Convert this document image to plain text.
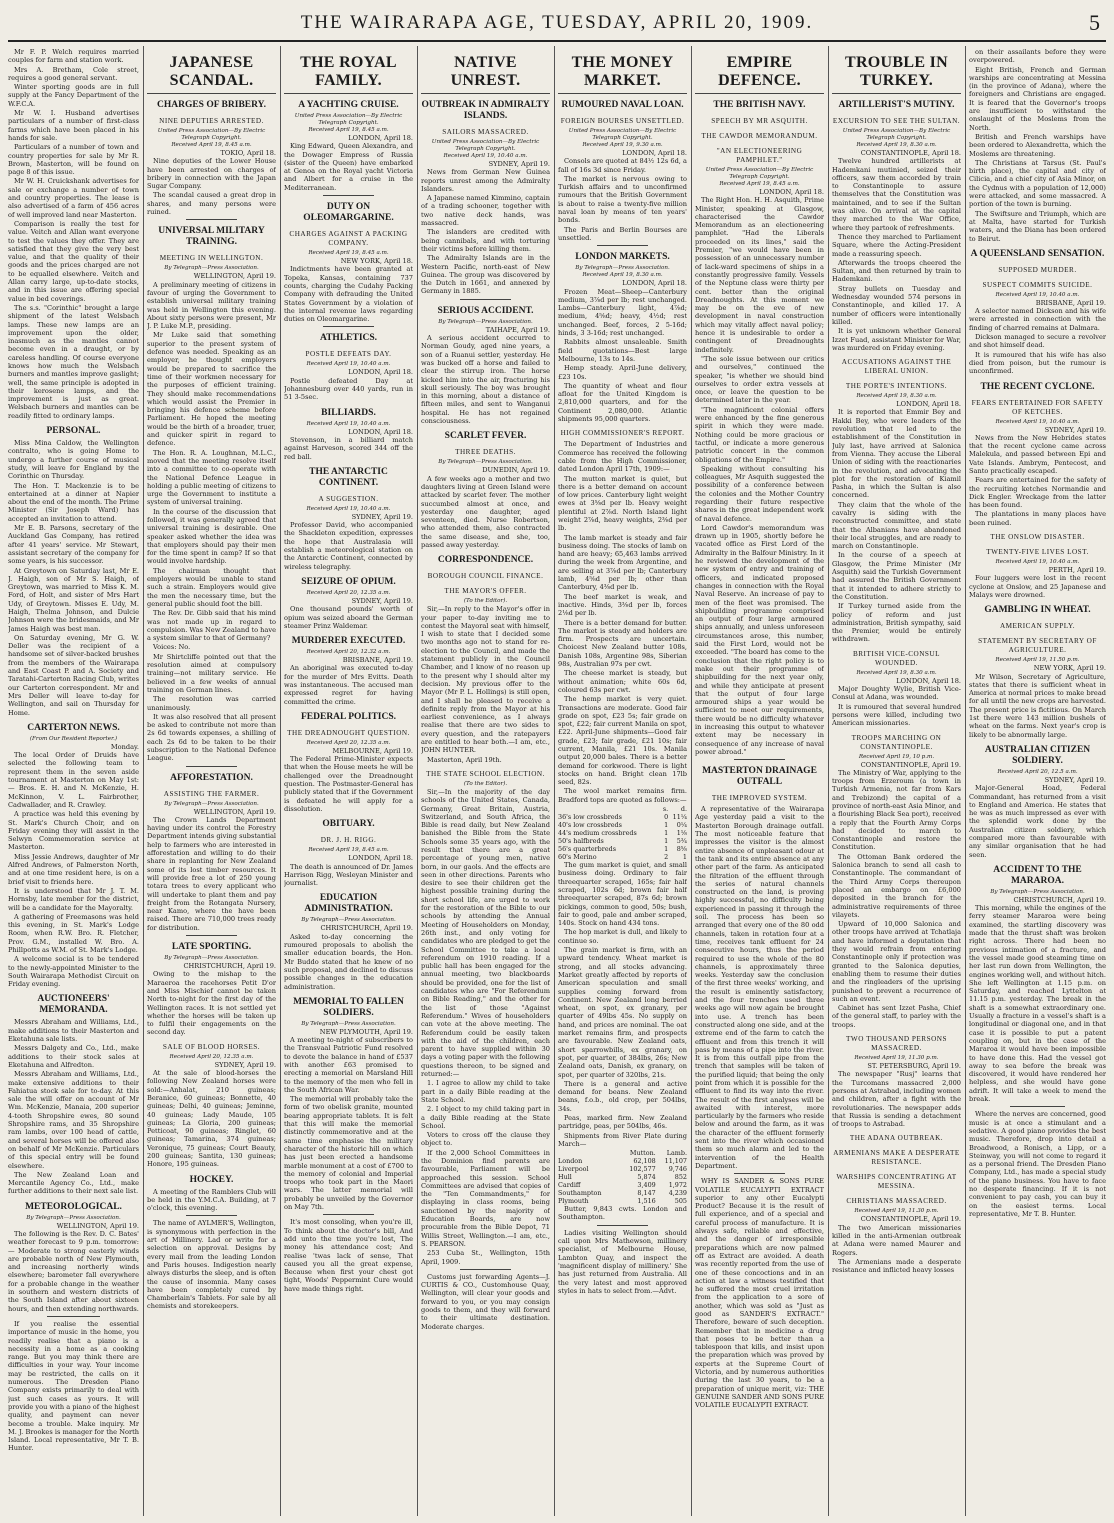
THE WAIRARAPA AGE, TUESDAY, APRIL 20, 1909.	5

Mr F. P. Welch requires married couples for farm and station work.

Mrs A. Bretham, Cole street, requires a good general servant.

Winter sporting goods are in full supply at the Fancy Department of the W.F.C.A.

Mr W. I. Husband advertises particulars of a number of first-class farms which have been placed in his hands for sale.

Particulars of a number of town and country properties for sale by Mr R. Brown, Masterton, will be found on page 8 of this issue.

Mr W. H. Cruickshank advertises for sale or exchange a number of town and country properties. The lease is also advertised of a farm of 456 acres of well improved land near Masterton.

Comparison is really the test for value. Veitch and Allan want everyone to test the values they offer. They are satisfied that they give the very best value, and that the quality of their goods and the prices charged are not to be equalled elsewhere. Veitch and Allan carry large, up-to-date stocks, and in this issue are offering special value in bed coverings.

The s.s. "Corinthic" brought a large shipment of the latest Welsbach lamps. These new lamps are an improvement upon the older, inasmuch as the mantles cannot become even in a draught, or by careless handling. Of course everyone knows how much the Welsbach burners and mantles improve gaslight; well, the same principle is adopted in their kerosene lamps, and the improvement is just as great. Welsbach burners and mantles can be readily fitted to ordinary lamps.

PERSONAL.

Miss Mina Caldow, the Wellington contralto, who is going Home to undergo a further course of musical study, will leave for England by the Corinthic on Thursday.

The Hon. T. Mackenzie is to be entertained at a dinner at Napier about the end of the month. The Prime Minister (Sir Joseph Ward) has accepted an invitation to attend.

Mr E. B. Parsons, secretary of the Auckland Gas Company, has retired after 41 years' service. Mr Stewart, assistant secretary of the company for some years, is his successor.

At Greytown on Saturday last, Mr E. J. Haigh, son of Mr S. Haigh, of Greytown, was married to Miss K. M. Ford, of Holt, and sister of Mrs Hart Udy, of Greytown. Misses E. Udy, M. Haigh, Thelma Johnson, and Dulcie Johnson were the bridesmaids, and Mr James Haigh was best man.

On Saturday evening, Mr G. W. Deller was the recipient of a handsome set of silver-backed brushes from the members of the Wairarapa and East Coast P. and A. Society and Taratahi-Carterton Racing Club, writes our Carterton correspondent. Mr and Mrs Deller will leave to-day for Wellington, and sail on Thursday for Home.

CARTERTON NEWS.
(From Our Resident Reporter.)
Monday.

The local Order of Druids have selected the following team to represent them in the seven aside tournament at Masterton on May 1st:— Bros. E. H. and N. McKenzie, H. McKinnon, V. L. Fairbrother, Cadwallader, and R. Crawley.

A practice was held this evening by St. Mark's Church Choir, and on Friday evening they will assist in the Selwyn Commemoration service at Masterton.

Miss Jessie Andrews, daughter of Mr Alfred Andrews, of Palmerston North, and at one time resident here, is on a brief visit to friends here.

It is understood that Mr J. T. M. Hornsby, late member for the district, will be a candidate for the Mayoralty.

A gathering of Freemasons was held this evening, in St. Mark's Lodge Room, when R.W. Bro. R. Fletcher, Prov. G.M., installed W. Bro. A. Phillpotts as W.M. of St. Mark's Lodge.

A welcome social is to be tendered to the newly-appointed Minister to the South Wairarapa Methodist Circuit on Friday evening.

AUCTIONEERS' MEMORANDA.

Messrs Abraham and Williams, Ltd., make additions to their Masterton and Eketahuna sale lists.

Messrs Dalgety and Co., Ltd., make additions to their stock sales at Eketahuna and Alfredton.

Messrs Abraham and Williams, Ltd., make extensive additions to their Fahiatua stock sale for to-day. At this sale the will offer on account of Mr Wm. McKenzie, Manaia, 200 superior 4-tooth Shropshire ewes, 80 sound Shropshire rams, and 35 Shropshire ram lambs, over 100 head of cattle, and several horses will be offered also on behalf of Mr McKenzie. Particulars of this special entry will be found elsewhere.

The New Zealand Loan and Mercantile Agency Co., Ltd., make further additions to their next sale list.

METEOROLOGICAL.
By Telegraph—Press Association.
WELLINGTON, April 19.

The following is the Rev. D. C. Bates' weather forecast to 9 p.m. tomorrow:— Moderate to strong easterly winds are probable north of New Plymouth, and increasing northerly winds elsewhere; barometer fall everywhere for a probable change in the weather in southern and western districts of the South Island after about sixteen hours, and then extending northwards.

If you realise the essential importance of music in the home, you readily realise that a piano is a necessity in a home as a cooking range. But you may think there are difficulties in your way. Your income may be restricted, the calls on it numerous. The Dresden Piano Company exists primarily to deal with just such cases as yours. It will provide you with a piano of the highest quality, and payment can never become a trouble. Make inquiry. Mr M. J. Brookes is manager for the North Island. Local representative, Mr T. B. Hunter.

JAPANESE SCANDAL.
CHARGES OF BRIBERY.
NINE DEPUTIES ARRESTED.
United Press Association—By Electric Telegraph Copyright.
Received April 19, 8.45 a.m.
TOKIO, April 18.

Nine deputies of the Lower House have been arrested on charges of bribery in connection with the Japan Sugar Company.

The scandal caused a great drop in shares, and many persons were ruined.

UNIVERSAL MILITARY TRAINING.
MEETING IN WELLINGTON.
By Telegraph—Press Association.
WELLINGTON, April 19.

A preliminary meeting of citizens in favour of urging the Government to establish universal military training was held in Wellington this evening. About sixty persons were present, Mr J. P. Luke M.P., presiding.

Mr Luke said that something superior to the present system of defence was needed. Speaking as an employer, he thought employers would be prepared to sacrifice the time of their workmen necessary for the purposes of efficient training. They should make recommendations which would assist the Premier in bringing his defence scheme before Parliament. He hoped the meeting would be the birth of a broader, truer, and quicker spirit in regard to defence.

The Hon. R. A. Loughnan, M.L.C., moved that the meeting resolve itself into a committee to co-operate with the National Defence League in holding a public meeting of citizens to urge the Government to institute a system of universal training.

In the course of the discussion that followed, it was generally agreed that universal training is desirable. One speaker asked whether the idea was that employers should pay their men for the time spent in camp? If so that would involve hardship.

The chairman thought that employers would be unable to stand such a strain. Employers would give the men the necessary time, but the general public should foot the bill.

The Rev. Dr. Gibb said that his mind was not made up in regard to compulsion. Was New Zealand to have a system similar to that of Germany?

Voices: No.

Mr Shirtcliffe pointed out that the resolution aimed at compulsory training—not military service. He believed in a few weeks of annual training on German lines.

The resolution was carried unanimously.

It was also resolved that all present be asked to contribute not more than 2s 6d towards expenses, a shilling of each 2s 6d to be taken to be their subscription to the National Defence League.

AFFORESTATION.
ASSISTING THE FARMER.
By Telegraph—Press Association.
WELLINGTON, April 19.

The Crown Lands Department having under its control the Forestry Department intends giving substantial help to farmers who are interested in afforestation and willing to do their share in replanting for New Zealand some of its lost timber resources. It will provide free a lot of 250 young totara trees to every applicant who will undertake to plant them and pay freight from the Rotangata Nursery, near Kamo, where the have been raised. There are 710,000 trees ready for distribution.

LATE SPORTING.
By Telegraph—Press Association.
CHRISTCHURCH, April 19.

Owing to the mishap to the Maraeroa the racehorses Petit D'or and Miss Mischief cannot be taken North to-night for the first day of the Wellington races. It is not settled yet whether the horses will be taken up to fulfil their engagements on the second day.

SALE OF BLOOD HORSES.
Received April 20, 12.35 a.m.
SYDNEY, April 19.

At the sale of blood-horses the following New Zealand horses were sold:—Anhalat, 210 guineas; Beranice, 60 guineas; Bonnette, 40 guineas; Delhi, 40 guineas; Jeminne, 40 guineas; Lady Maude, 105 guineas; La Gloria, 200 guineas; Petticoat, 90 guineas; Ringlet, 60 guineas; Tamarina, 374 guineas; Veronique, 75 guineas; Court Beauty, 200 guineas; Santita, 130 guineas; Honore, 195 guineas.

HOCKEY.

A meeting of the Ramblers Club will be held in the Y.M.C.A. Building, at 7 o'clock, this evening.

The name of AYLMER'S, Wellington, is synonymous with perfection in the art of Millinery. Lad or write for a selection on approval. Designs by every mail from the leading London and Paris houses. Indigestion nearly always disturbs the sleep, and is often the cause of insomnia. Many cases have been completely cured by Chamberlain's Tablets. For sale by all chemists and storekeepers.

THE ROYAL FAMILY.
A YACHTING CRUISE.
United Press Association—By Electric Telegraph Copyright.
Received April 19, 8.45 a.m.
LONDON, April 18.

King Edward, Queen Alexandra, and the Dowager Empress of Russia (sister of the Queen) have embarked at Genoa on the Royal yacht Victoria and Albert for a cruise in the Mediterranean.

DUTY ON OLEOMARGARINE.
CHARGES AGAINST A PACKING COMPANY.
Received April 19, 8.45 a.m.
NEW YORK, April 18.

Indictments have been granted at Topeka, Kansas, containing 737 counts, charging the Cudahy Packing Company with defrauding the United States Government by a violation of the internal revenue laws regarding duties on Oleomargarine.

ATHLETICS.
POSTLE DEFEATS DAY.
Received April 19, 10.40 a.m.
LONDON, April 18.

Postle defeated Day at Johannesburg over 440 yards, run in 51 3-5sec.

BILLIARDS.
Received April 19, 10.40 a.m.
LONDON, April 18.

Stevenson, in a billiard match against Harveson, scored 344 off the red ball.

THE ANTARCTIC CONTINENT.
A SUGGESTION.
Received April 19, 10.40 a.m.
SYDNEY, April 19.

Professor David, who accompanied the Shackleton expedition, expresses the hope that Australasia will establish a meteorological station on the Antarctic Continent, connected by wireless telegraphy.

SEIZURE OF OPIUM.
Received April 20, 12.35 a.m.
SYDNEY, April 19.

One thousand pounds' worth of opium was seized aboard the German steamer Prinz Waldemar.

MURDERER EXECUTED.
Received April 20, 12.32 a.m.
BRISBANE, April 19.

An aboriginal was executed to-day for the murder of Mrs Evitts. Death was instantaneous. The accused man expressed regret for having committed the crime.

FEDERAL POLITICS.
THE DREADNOUGHT QUESTION.
Received April 20, 12.35 a.m.
MELBOURNE, April 19.

The Federal Prime-Minister expects that when the House meets he will be challenged over the Dreadnought question. The Postmaster-General has publicly stated that if the Government is defeated he will apply for a dissolution.

OBITUARY.
DR. J. H. RIGG.
Received April 19, 8.45 a.m.
LONDON, April 18.

The death is announced of Dr. James Harrison Rigg, Wesleyan Minister and journalist.

EDUCATION ADMINISTRATION.
By Telegraph—Press Association.
CHRISTCHURCH, April 19.

Asked to-day concerning the rumoured proposals to abolish the smaller education boards, the Hon. Mr Buddo stated that he knew of no such proposal, and declined to discuss possible changes in the education administration.

MEMORIAL TO FALLEN SOLDIERS.
By Telegraph—Press Association.
NEW PLYMOUTH, April 19.

A meeting to-night of subscribers to the Transvaal Patriotic Fund resolved to devote the balance in hand of £537 with another £63 promised to erecting a memorial on Marsland Hill to the memory of the men who fell in the South African War.

The memorial will probably take the form of two obelisk granite, mounted bearing appropriate tablets. It is felt that this will make the memorial distinctly commemorative and at the same time emphasise the military character of the historic hill on which has just been erected a handsome marble monument at a cost of £700 to the memory of colonial and Imperial troops who took part in the Maori wars. The latter memorial will probably be unveiled by the Governor on May 7th.

It's most consoling, when you're ill, To think about the doctor's bill, And add unto the time you're lost, The money his attendance cost; And realise 'twas lack of sense, That caused you all the great expense, Because when first your chest got tight, Woods' Peppermint Cure would have made things right.

NATIVE UNREST.
OUTBREAK IN ADMIRALTY ISLANDS.
SAILORS MASSACRED.
United Press Association—By Electric Telegraph Copyright.
Received April 19, 10.40 a.m.
SYDNEY, April 19.

News from German New Guinea reports unrest among the Admiralty Islanders.

A Japanese named Kimmino, captain of a trading schooner, together with two native deck hands, was massacred.

The islanders are credited with being cannibals, and with torturing their victims before killing them.

The Admiralty Islands are in the Western Pacific, north-east of New Guinea. The group was discovered by the Dutch in 1661, and annexed by Germany in 1885.

SERIOUS ACCIDENT.
By Telegraph—Press Association.
TAIHAPE, April 19.

A serious accident occurred to Norman Goudy, aged nine years, a son of a Ruanui settler, yesterday. He was bucked off a horse and failed to clear the stirrup iron. The horse kicked him into the air, fracturing his skull seriously. The boy was brought in this morning, about a distance of fifteen miles, and sent to Wanganui hospital. He has not regained consciousness.

SCARLET FEVER.
THREE DEATHS.
By Telegraph—Press Association.
DUNEDIN, April 19.

A few weeks ago a mother and two daughters living at Green Island were attacked by scarlet fever. The mother succumbed almost at once, and yesterday one daughter, aged seventeen, died. Nurse Robertson, who attended them, also contracted the same disease, and she, too, passed away yesterday.

CORRESPONDENCE.
BOROUGH COUNCIL FINANCE.
THE MAYOR'S OFFER.
(To the Editor).

Sir,—In reply to the Mayor's offer in your paper to-day inviting me to contest the Mayoral seat with himself, I wish to state that I decided some two months ago not to stand for re-election to the Council, and made the statement publicly in the Council Chamber, and I know of no reason up to the present why I should alter my decision. My previous offer to the Mayor (Mr P. L. Hollings) is still open, and I shall be pleased to receive a definite reply from the Mayor at his earliest convenience, as I always realise that there are two sides to every question, and the ratepayers are entitled to hear both.—I am, etc., JOHN HUNTER.

Masterton, April 19th.

THE STATE SCHOOL ELECTION.
(To the Editor).

Sir,—In the majority of the day schools of the United States, Canada, Germany, Great Britain, Austria, Switzerland, and South Africa, the Bible is read daily, but New Zealand banished the Bible from the State Schools some 35 years ago, with the result that there are a great percentage of young men, native born, in our gaols. And the effects are seen in other directions. Parents who desire to see their children get the highest possible training during the short school life, are urged to work for the restoration of the Bible to our schools by attending the Annual Meeting of Householders on Monday, 26th inst., and only voting for candidates who are pledged to get the School Committee to take a local referendum on 1910 reading. If a public hall has been engaged for the annual meeting, two blackboards should be provided, one for the list of candidates who are "For Referendum on Bible Reading," and the other for the list of those "Against Referendum." Wives of householders can vote at the above meeting. The Referendum could be easily taken with the aid of the children, each parent to have supplied within 30 days a voting paper with the following questions thereon, to be signed and returned:—

1. I agree to allow my child to take part in a daily Bible reading at the State School.

2. I object to my child taking part in a daily Bible reading at the State School.

Voters to cross off the clause they object to.

If the 2,000 School Committees in the Dominion find parents are favourable, Parliament will be approached this session. School Committees are advised that copies of the "Ten Commandments," for displaying in class rooms, being sanctioned by the majority of Education Boards, are now procurable from the Bible Depot, 71 Willis Street, Wellington.—I am, etc., S. PEARSON.

253 Cuba St., Wellington, 15th April, 1909.

Customs just forwarding Agents—J. CURTIS & CO., Customhouse Quay, Wellington, will clear your goods and forward to you, or you may consign goods to them, and they will forward to their ultimate destination. Moderate charges.

THE MONEY MARKET.
RUMOURED NAVAL LOAN.
FOREIGN BOURSES UNSETTLED.
United Press Association—By Electric Telegraph Copyright.
Received April 19, 9.30 a.m.
LONDON, April 18.

Consols are quoted at 84½ 12s 6d, a fall of 16s 3d since Friday.

The market is nervous owing to Turkish affairs and to unconfirmed rumours that the British Government is about to raise a twenty-five million naval loan by means of ten years' bonds.

The Paris and Berlin Bourses are unsettled.

LONDON MARKETS.
By Telegraph—Press Association.
Received April 19, 8.30 a.m.
LONDON, April 18.

Frozen Meat—Sheep—Canterbury medium, 3⅞d per lb; rest unchanged. Lambs—Canterbury light, 4⅞d; medium, 4⅝d; heavy, 4½d; rest unchanged. Beef, forces, 2 5-16d; hinds, 3 3-16d; rest unchanged.

Rabbits almost unsaleable. Smith field quotations—Best large Melbourne, 13s to 14s.

Hemp steady. April-June delivery, £23 10s.

The quantity of wheat and flour afloat for the United Kingdom is 2,810,000 quarters, and for the Continent 2,080,000. Atlantic shipments 95,000 quarters.

HIGH COMMISSIONER'S REPORT.

The Department of Industries and Commerce has received the following cable from the High Commissioner, dated London April 17th, 1909:—

The mutton market is quiet, but there is a better demand on account of low prices. Canterbury light weight ewes at 3⅝d per lb. Heavy weight plentiful at 2⅞d. North Island light weight 2⅞d, heavy weights, 2⅜d per lb.

The lamb market is steady and fair business doing. The stocks of lamb on hand are heavy; 65,463 lambs arrived during the week from Argentine, and are selling at 3⅞d per lb; Canterbury lamb, 4⅝d per lb; other than Canterbury, 4⅜d per lb.

The beef market is weak, and inactive. Hinds, 3⅜d per lb, forces 2⅛d per lb.

There is a better demand for butter. The market is steady and holders are firm. Prospects are uncertain. Choicest New Zealand butter 108s, Danish 108s, Argentine 98s, Siberian 98s, Australian 97s per cwt.

The cheese market is steady, but without animation; white 60s 6d, coloured 63s per cwt.

The hemp market is very quiet. Transactions are moderate. Good fair grade on spot, £23 5s; fair grade on spot, £22; fair current Manila on spot, £22. April-June shipments—Good fair grade, £23; fair grade, £21 10s; fair current, Manila, £21 10s. Manila output 20,000 bales. There is a better demand for corkwood. There is light stocks on hand. Bright clean 17lb seed, 82s.

The wool market remains firm. Bradford tops are quoted as follows:—

	s.	d.
36's low crossbreds	0	11¼
40's low crossbreds	1	0¼
44's medium crossbreds	1	1⅛
50's halfbreds	1	5¾
56's quarterbreds	1	8⅝
60's Merino	2	1

The gum market is quiet, and small business doing. Ordinary to fair threequarter scraped, 165s; fair half scraped, 102s 6d; brown fair half threequarter scraped, 87s 6d; brown pickings, common to good, 50s; bush, fair to good, pale and amber scraped, 140s. Stock on hand 434 tons.

The hop market is dull, and likely to continue so.

The grain market is firm, with an upward tendency. Wheat market is strong, and all stocks advancing. Market greatly affected by reports of American speculation and small supplies coming forward from Continent. New Zealand long berried wheat, on spot, ex granary, per quarter of 49lbs 45s. No supply on hand, and prices are nominal. The oat market remains firm, and prospects are favourable. New Zealand oats, short sparrowbills, ex granary, on spot, per quarter, of 384lbs, 26s; New Zealand oats, Danish, ex granary, on spot, per quarter of 320lbs, 21s.

There is a general and active demand for beans. New Zealand beans, f.o.b., old crop, per 504lbs, 34s.

Peas, marked firm. New Zealand partridge, peas, per 504lbs, 46s.

Shipments from River Plate during March—

	Mutton.	Lamb.
London	62,108	11,107
Liverpool	102,577	9,746
Hull	5,874	852
Cardiff	3,409	1,972
Southampton	8,147	4,239
Plymouth	1,516	505

Butter, 9,843 cwts. London and Southampton.

Ladies visiting Wellington should call upon Mrs Mathewson, millinery specialist, of Melbourne House, Lambton Quay, and inspect the 'magnificent display of millinery.' She has just returned from Australia. All the very latest and most approved styles in hats to select from.—Advt.

EMPIRE DEFENCE.
THE BRITISH NAVY.
SPEECH BY MR ASQUITH.
THE CAWDOR MEMORANDUM.
"AN ELECTIONEERING PAMPHLET."
United Press Association—By Electric Telegraph Copyright.
Received April 19, 8.45 a.m.
LONDON, April 18.

The Right Hon. H. H. Asquith, Prime Minister, speaking at Glasgow, characterised the Cawdor Memorandum as an electioneering pamphlet. "Had the Liberals proceeded on its lines," said the Premier, "we would have been in possession of an unnecessary number of lack-ward specimens of ships in a constantly progressive family. Vessels of the Neptune class were thirty per cent. better than the original Dreadnoughts. At this moment we may be on the eve of new development in naval construction which may vitally affect naval policy; hence it is undesirable to order a contingent of Dreadnoughts indefinitely.

"The sole issue between our critics and ourselves," continued the speaker, "is whether we should bind ourselves to order extra vessels at once, or leave the question to be determined later in the year.

"The magnificent colonial offers were enhanced by the fine generous spirit in which they were made. Nothing could be more gracious or tactful, or indicate a more generous patriotic concert in the common obligations of the Empire."

Speaking without consulting his colleagues, Mr Asquith suggested the possibility of a conference between the colonies and the Mother Country regarding their future respective shares in the great independent work of naval defence.

Lord Cawdor's memorandum was drawn up in 1905, shortly before he vacated office as First Lord of the Admiralty in the Balfour Ministry. In it he reviewed the development of the new system of entry and training of officers, and indicated proposed changes in connection with the Royal Naval Reserve. An increase of pay to men of the fleet was promised. The shipbuilding programme comprised an output of four large armoured ships annually, and unless unforeseen circumstances arose, this number, said the First Lord, would not be exceeded. "The board has come to the conclusion that the right policy is to make out their programme of shipbuilding for the next year only, and while they anticipate at present that the output of four large armoured ships a year would be sufficient to meet our requirements, there would be no difficulty whatever in increasing this output to whatever extent may be necessary in consequence of any increase of naval power abroad."

MASTERTON DRAINAGE OUTFALL
THE IMPROVED SYSTEM.

A representative of the Wairarapa Age yesterday paid a visit to the Masterton Borough drainage outfall. The most noticeable feature that impresses the visitor is the almost entire absence of unpleasant odour at the tank and its entire absence at any other part of the farm. As anticipated the filtration of the effluent through the series of natural channels constructed on the land, is proving highly successful, no difficulty being experienced in passing it through the soil. The process has been so arranged that every one of the 80 odd channels, taken in rotation four at a time, receives tank effluent for 24 consecutive hours, thus the period required to use the whole of the 80 channels, is approximately three weeks. Yesterday saw the conclusion of the first three weeks' working, and the result is eminently satisfactory, and the four trenches used three weeks ago will now again be brought into use. A trench has been constructed along one side, and at the extreme end of the farm to catch the effluent and from this trench it will pass by means of a pipe into the river. It is from this outfall pipe from the trench that samples will be taken of the purified liquid; that being the only point from which it is possible for the effluent to find its way into the river. The result of the first analyses will be awaited with interest, more particularly by the farmers who reside below and around the farm, as it was the character of the effluent formerly sent into the river which occasioned them so much alarm and led to the intervention of the Health Department.

WHY IS SANDER & SONS PURE VOLATILE EUCALYPTI EXTRACT superior to any other Eucalypti Product? Because it is the result of full experience, and of a special and careful process of manufacture. It is always safe, reliable and effective, and the danger of irresponsible preparations which are now palmed off as Extract are avoided. A death was recently reported from the use of one of these concoctions and in an action at law a witness testified that he suffered the most cruel irritation from the application to a sore of another, which was sold as "Just as good as SANDER'S EXTRACT." Therefore, beware of such deception. Remember that in medicine a drug that poses to be better than a tablespoon that kills, and insist upon the preparation which was proved by experts at the Supreme Court of Victoria, and by numerous authorities during the last 30 years, to be a preparation of unique merit, viz: THE GENUINE SANDER AND SONS PURE VOLATILE EUCALYPTI EXTRACT.

TROUBLE IN TURKEY.
ARTILLERIST'S MUTINY.
EXCURSION TO SEE THE SULTAN.
United Press Association—By Electric Telegraph Copyright.
Received April 19, 8.30 a.m.
CONSTANTINOPLE, April 18.

Twelve hundred artillerists at Hademkani mutinied, seized their officers, saw them accorded by train to Constantinople to assure themselves that the Constitution was maintained, and to see if the Sultan was alive. On arrival at the capital they marched to the War Office, where they partook of refreshments.

Thence they marched to Parliament Square, where the Acting-President made a reassuring speech.

Afterwards the troops cheered the Sultan, and then returned by train to Hademkani.

Stray bullets on Tuesday and Wednesday wounded 574 persons in Constantinople, and killed 17. A number of officers were intentionally killed.

It is yet unknown whether General Izzet Fuad, assistant Minister for War, was murdered on Friday evening.

ACCUSATIONS AGAINST THE LIBERAL UNION.
THE PORTE'S INTENTIONS.
Received April 19, 8.30 a.m.
LONDON, April 18.

It is reported that Emmir Bey and Hakki Bey, who were leaders of the revolution that led to the establishment of the Constitution in July last, have arrived at Salonica from Vienna. They accuse the Liberal Union of siding with the reactionaries in the revolution, and advocating the plot for the restoration of Kiamil Pasha, in which the Sultan is also concerned.

They claim that the whole of the cavalry is siding with the reconstructed committee, and state that the Albanians have abandoned their local struggles, and are ready to march on Constantinople.

In the course of a speech at Glasgow, the Prime Minister (Mr Asquith) said the Turkish Government had assured the British Government that it intended to adhere strictly to the Constitution.

If Turkey turned aside from the policy of reform and just administration, British sympathy, said the Premier, would be entirely withdrawn.

BRITISH VICE-CONSUL WOUNDED.
Received April 19, 8.30 a.m.
LONDON, April 18.

Major Doughty Wylie, British Vice-Consul at Adana, was wounded.

It is rumoured that several hundred persons were killed, including two American missionaries.

TROOPS MARCHING ON CONSTANTINOPLE.
Received April 19, 10 p.m.
CONSTANTINOPLE, April 19.

The Ministry of War, applying to the troops from Erzeroum (a town in Turkish Armenia, not far from Kars and Trebizond) the capital of a province of north-east Asia Minor, and a flourishing Black Sea port), received a reply that the Fourth Army Corps had decided to march to Constantinople and restore the Constitution.

The Ottoman Bank ordered the Salonica branch to send all cash to Constantinople. The commandant of the Third Army Corps thereupon placed an embargo on £6,000 deposited in the branch for the administrative requirements of three vilayets.

Upward of 10,000 Salonica and other troops have arrived at Tchatlaja and have informed a deputation that they would refrain from entering Constantinople only if protection was granted to the Salonica deputies, enabling them to resume their duties and the ringleaders of the uprising punished to prevent a recurrence of such an event.

Cabinet has sent Izzet Pasha, Chief of the general staff, to parley with the troops.

TWO THOUSAND PERSONS MASSACRED.
Received April 19, 11.30 p.m.
ST. PETERSBURG, April 19.

The newspaper "Rusj" learns that the Turcomans massacred 2,000 persons at Astrabad, including women and children, after a fight with the revolutionaries. The newspaper adds that Russia is sending a detachment of troops to Astrabad.

THE ADANA OUTBREAK.
ARMENIANS MAKE A DESPERATE RESISTANCE.
WARSHIPS CONCENTRATING AT MESSINA.
CHRISTIANS MASSACRED.
Received April 19, 11.30 p.m.
CONSTANTINOPLE, April 19.

The two American missionaries killed in the anti-Armenian outbreak at Adana were named Maurer and Rogers.

The Armenians made a desperate resistance and inflicted heavy losses

on their assailants before they were overpowered.

Eight British, French and German warships are concentrating at Messina (in the province of Adana), where the foreigners and Christians are engaged. It is feared that the Governor's troops are insufficient to withstand the onslaught of the Moslems from the North.

British and French warships have been ordered to Alexandretta, which the Moslems are threatening.

The Christians at Tarsus (St. Paul's birth place), the capital and city of Cilicia, and a chief city of Asia Minor, on the Cydnus with a population of 12,000) were attacked, and some massacred. A portion of the town is burning.

The Swiftsure and Triumph, which are at Malta, have started for Turkish waters, and the Diana has been ordered to Beirut.

A QUEENSLAND SENSATION.
SUPPOSED MURDER.
SUSPECT COMMITS SUICIDE.
Received April 19, 10.40 a.m.
BRISBANE, April 19.

A selector named Dickson and his wife were arrested in connection with the finding of charred remains at Dalmara.

Dickson managed to secure a revolver and shot himself dead.

It is rumoured that his wife has also died from poison, but the rumour is unconfirmed.

THE RECENT CYCLONE.
FEARS ENTERTAINED FOR SAFETY OF KETCHES.
Received April 19, 10.40 a.m.
SYDNEY, April 19.

News from the New Hebrides states that the recent cyclone came across Malekula, and passed between Epi and Vate Islands. Ambrym, Pentecost, and Santo practically escaped.

Fears are entertained for the safety of the recruiting ketches Normandie and Dick Engler. Wreckage from the latter has been found.

The plantations in many places have been ruined.

THE ONSLOW DISASTER.
TWENTY-FIVE LIVES LOST.
Received April 19, 10.40 a.m.
PERTH, April 19.

Four luggers were lost in the recent cyclone at Onslow, and 25 Japanese and Malays were drowned.

GAMBLING IN WHEAT.
AMERICAN SUPPLY.
STATEMENT BY SECRETARY OF AGRICULTURE.
Received April 19, 11.50 p.m.
NEW YORK, April 19.

Mr Wilson, Secretary of Agriculture, states that there is sufficient wheat in America at normal prices to make bread for all until the new crops are harvested. The present price is fictitious. On March 1st there were 143 million bushels of wheat on the farms. Next year's crop is likely to be abnormally large.

AUSTRALIAN CITIZEN SOLDIERY.
Received April 20, 12.5 a.m.
SYDNEY, April 19.

Major-General Hoad, Federal Commandant, has returned from a visit to England and America. He states that he was as much impressed as ever with the splendid work done by the Australian citizen soldiery, which compared more than favourable with any similar organisation that he had seen.

ACCIDENT TO THE MARAROA.
By Telegraph—Press Association.
CHRISTCHURCH, April 19.

This morning, while the engines of the ferry steamer Mararoa were being examined, the startling discovery was made that the thrust shaft was broken right across. There had been no previous intimation of a fracture, and the vessel made good steaming time on her last run down from Wellington, the engines working well, and without hitch. She left Wellington at 1.15 p.m. on Saturday, and reached Lyttelton at 11.15 p.m. yesterday. The break in the shaft is a somewhat extraordinary one. Usually a fracture in a vessel's shaft is a longitudinal or diagonal one, and in that case it is possible to put a patent coupling on, but in the case of the Mararoa it would have been impossible to have done this. Had the vessel got away to sea before the break was discovered, it would have rendered her helpless, and she would have gone adrift. It will take a week to mend the break.

Where the nerves are concerned, good music is at once a stimulant and a sedative. A good piano provides the best music. Therefore, drop into detail a Broadwood, a Ronisch, a Lipp, or a Steinway, you will not come to regard it as a personal friend. The Dresden Piano Company, Ltd., has made a special study of the piano business. You have to face no desperate financing. If it is not convenient to pay cash, you can buy it on the easiest terms. Local representative, Mr T. B. Hunter.
